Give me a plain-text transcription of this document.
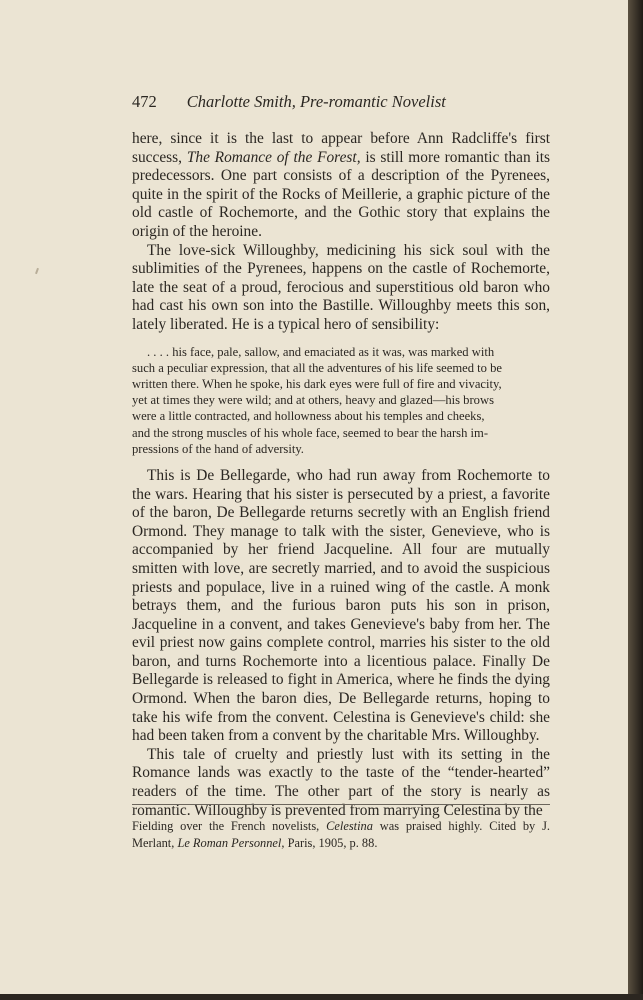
472 Charlotte Smith, Pre-romantic Novelist

here, since it is the last to appear before Ann Radcliffe's first success, The Romance of the Forest, is still more romantic than its predecessors. One part consists of a description of the Pyrenees, quite in the spirit of the Rocks of Meillerie, a graphic picture of the old castle of Rochemorte, and the Gothic story that explains the origin of the heroine.

The love-sick Willoughby, medicining his sick soul with the sublimities of the Pyrenees, happens on the castle of Rochemorte, late the seat of a proud, ferocious and superstitious old baron who had cast his own son into the Bastille. Willoughby meets this son, lately liberated. He is a typical hero of sensibility:

. . . . his face, pale, sallow, and emaciated as it was, was marked with
such a peculiar expression, that all the adventures of his life seemed to be
written there. When he spoke, his dark eyes were full of fire and vivacity,
yet at times they were wild; and at others, heavy and glazed—his brows
were a little contracted, and hollowness about his temples and cheeks,
and the strong muscles of his whole face, seemed to bear the harsh im-
pressions of the hand of adversity.

This is De Bellegarde, who had run away from Rochemorte to the wars. Hearing that his sister is persecuted by a priest, a favorite of the baron, De Bellegarde returns secretly with an English friend Ormond. They manage to talk with the sister, Genevieve, who is accompanied by her friend Jacqueline. All four are mutually smitten with love, are secretly married, and to avoid the suspicious priests and populace, live in a ruined wing of the castle. A monk betrays them, and the furious baron puts his son in prison, Jacqueline in a convent, and takes Genevieve's baby from her. The evil priest now gains complete control, marries his sister to the old baron, and turns Rochemorte into a licentious palace. Finally De Bellegarde is released to fight in America, where he finds the dying Ormond. When the baron dies, De Bellegarde returns, hoping to take his wife from the convent. Celestina is Genevieve's child: she had been taken from a convent by the charitable Mrs. Willoughby.

This tale of cruelty and priestly lust with its setting in the Romance lands was exactly to the taste of the “tender-hearted” readers of the time. The other part of the story is nearly as romantic. Willoughby is prevented from marrying Celestina by the

Fielding over the French novelists, Celestina was praised highly. Cited by J. Merlant, Le Roman Personnel, Paris, 1905, p. 88.
